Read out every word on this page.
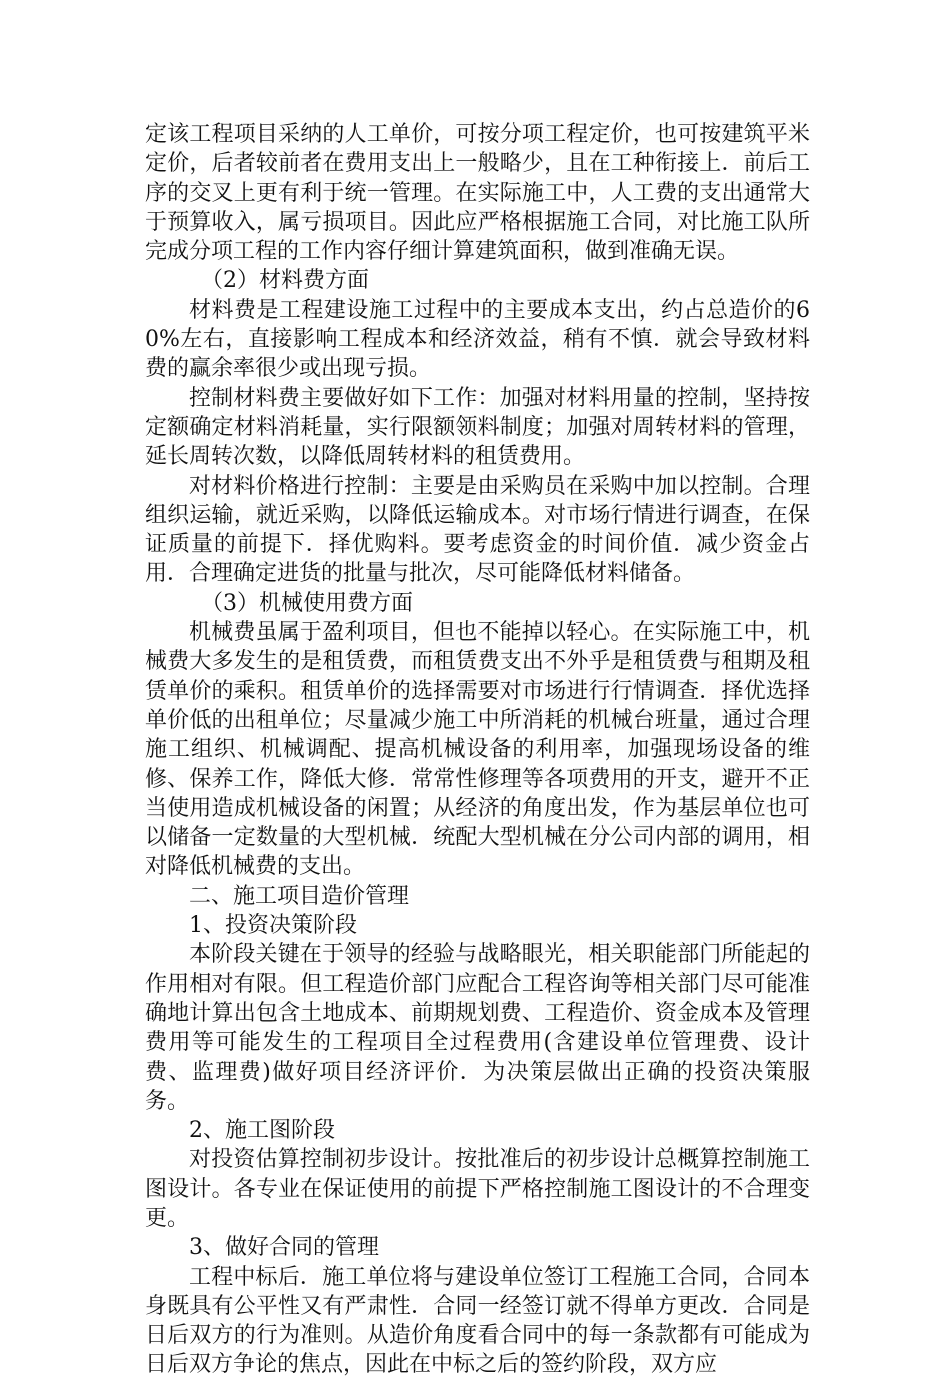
定该工程项目采纳的人工单价，可按分项工程定价，也可按建筑平米定价，后者较前者在费用支出上一般略少，且在工种衔接上．前后工序的交叉上更有利于统一管理。在实际施工中，人工费的支出通常大于预算收入，属亏损项目。因此应严格根据施工合同，对比施工队所完成分项工程的工作内容仔细计算建筑面积，做到准确无误。

（2）材料费方面

材料费是工程建设施工过程中的主要成本支出，约占总造价的60%左右，直接影响工程成本和经济效益，稍有不慎．就会导致材料费的赢余率很少或出现亏损。

控制材料费主要做好如下工作：加强对材料用量的控制，坚持按定额确定材料消耗量，实行限额领料制度；加强对周转材料的管理，延长周转次数，以降低周转材料的租赁费用。

对材料价格进行控制：主要是由采购员在采购中加以控制。合理组织运输，就近采购，以降低运输成本。对市场行情进行调查，在保证质量的前提下．择优购料。要考虑资金的时间价值．减少资金占用．合理确定进货的批量与批次，尽可能降低材料储备。

（3）机械使用费方面

机械费虽属于盈利项目，但也不能掉以轻心。在实际施工中，机械费大多发生的是租赁费，而租赁费支出不外乎是租赁费与租期及租赁单价的乘积。租赁单价的选择需要对市场进行行情调查．择优选择单价低的出租单位；尽量减少施工中所消耗的机械台班量，通过合理施工组织、机械调配、提高机械设备的利用率，加强现场设备的维修、保养工作，降低大修．常常性修理等各项费用的开支，避开不正当使用造成机械设备的闲置；从经济的角度出发，作为基层单位也可以储备一定数量的大型机械．统配大型机械在分公司内部的调用，相对降低机械费的支出。

二、施工项目造价管理

1、投资决策阶段

本阶段关键在于领导的经验与战略眼光，相关职能部门所能起的作用相对有限。但工程造价部门应配合工程咨询等相关部门尽可能准确地计算出包含土地成本、前期规划费、工程造价、资金成本及管理费用等可能发生的工程项目全过程费用(含建设单位管理费、设计费、监理费)做好项目经济评价．为决策层做出正确的投资决策服务。

2、施工图阶段

对投资估算控制初步设计。按批准后的初步设计总概算控制施工图设计。各专业在保证使用的前提下严格控制施工图设计的不合理变更。

3、做好合同的管理

工程中标后．施工单位将与建设单位签订工程施工合同，合同本身既具有公平性又有严肃性．合同一经签订就不得单方更改．合同是日后双方的行为准则。从造价角度看合同中的每一条款都有可能成为日后双方争论的焦点，因此在中标之后的签约阶段，双方应
